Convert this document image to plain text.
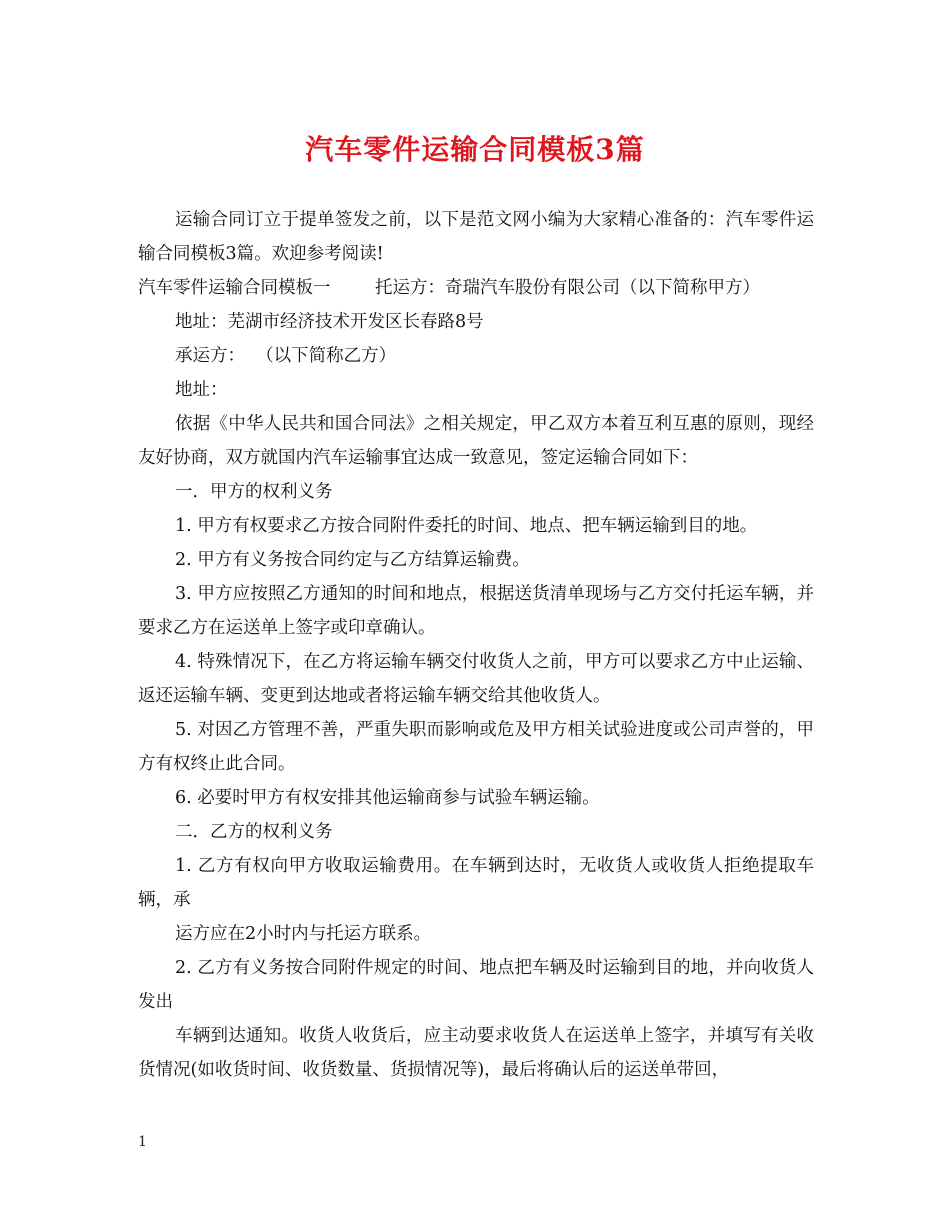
汽车零件运输合同模板3篇

运输合同订立于提单签发之前，以下是范文网小编为大家精心准备的：汽车零件运输合同模板3篇。欢迎参考阅读!

汽车零件运输合同模板一        托运方：奇瑞汽车股份有限公司（以下简称甲方）

地址：芜湖市经济技术开发区长春路8号

承运方：  （以下简称乙方）

地址：

依据《中华人民共和国合同法》之相关规定，甲乙双方本着互利互惠的原则，现经友好协商，双方就国内汽车运输事宜达成一致意见，签定运输合同如下：

一．甲方的权利义务

1. 甲方有权要求乙方按合同附件委托的时间、地点、把车辆运输到目的地。

2. 甲方有义务按合同约定与乙方结算运输费。

3. 甲方应按照乙方通知的时间和地点，根据送货清单现场与乙方交付托运车辆，并要求乙方在运送单上签字或印章确认。

4. 特殊情况下，在乙方将运输车辆交付收货人之前，甲方可以要求乙方中止运输、返还运输车辆、变更到达地或者将运输车辆交给其他收货人。

5. 对因乙方管理不善，严重失职而影响或危及甲方相关试验进度或公司声誉的，甲方有权终止此合同。

6. 必要时甲方有权安排其他运输商参与试验车辆运输。

二．乙方的权利义务

1. 乙方有权向甲方收取运输费用。在车辆到达时，无收货人或收货人拒绝提取车辆，承

运方应在2小时内与托运方联系。

2. 乙方有义务按合同附件规定的时间、地点把车辆及时运输到目的地，并向收货人发出

车辆到达通知。收货人收货后，应主动要求收货人在运送单上签字，并填写有关收货情况(如收货时间、收货数量、货损情况等)，最后将确认后的运送单带回，

1
